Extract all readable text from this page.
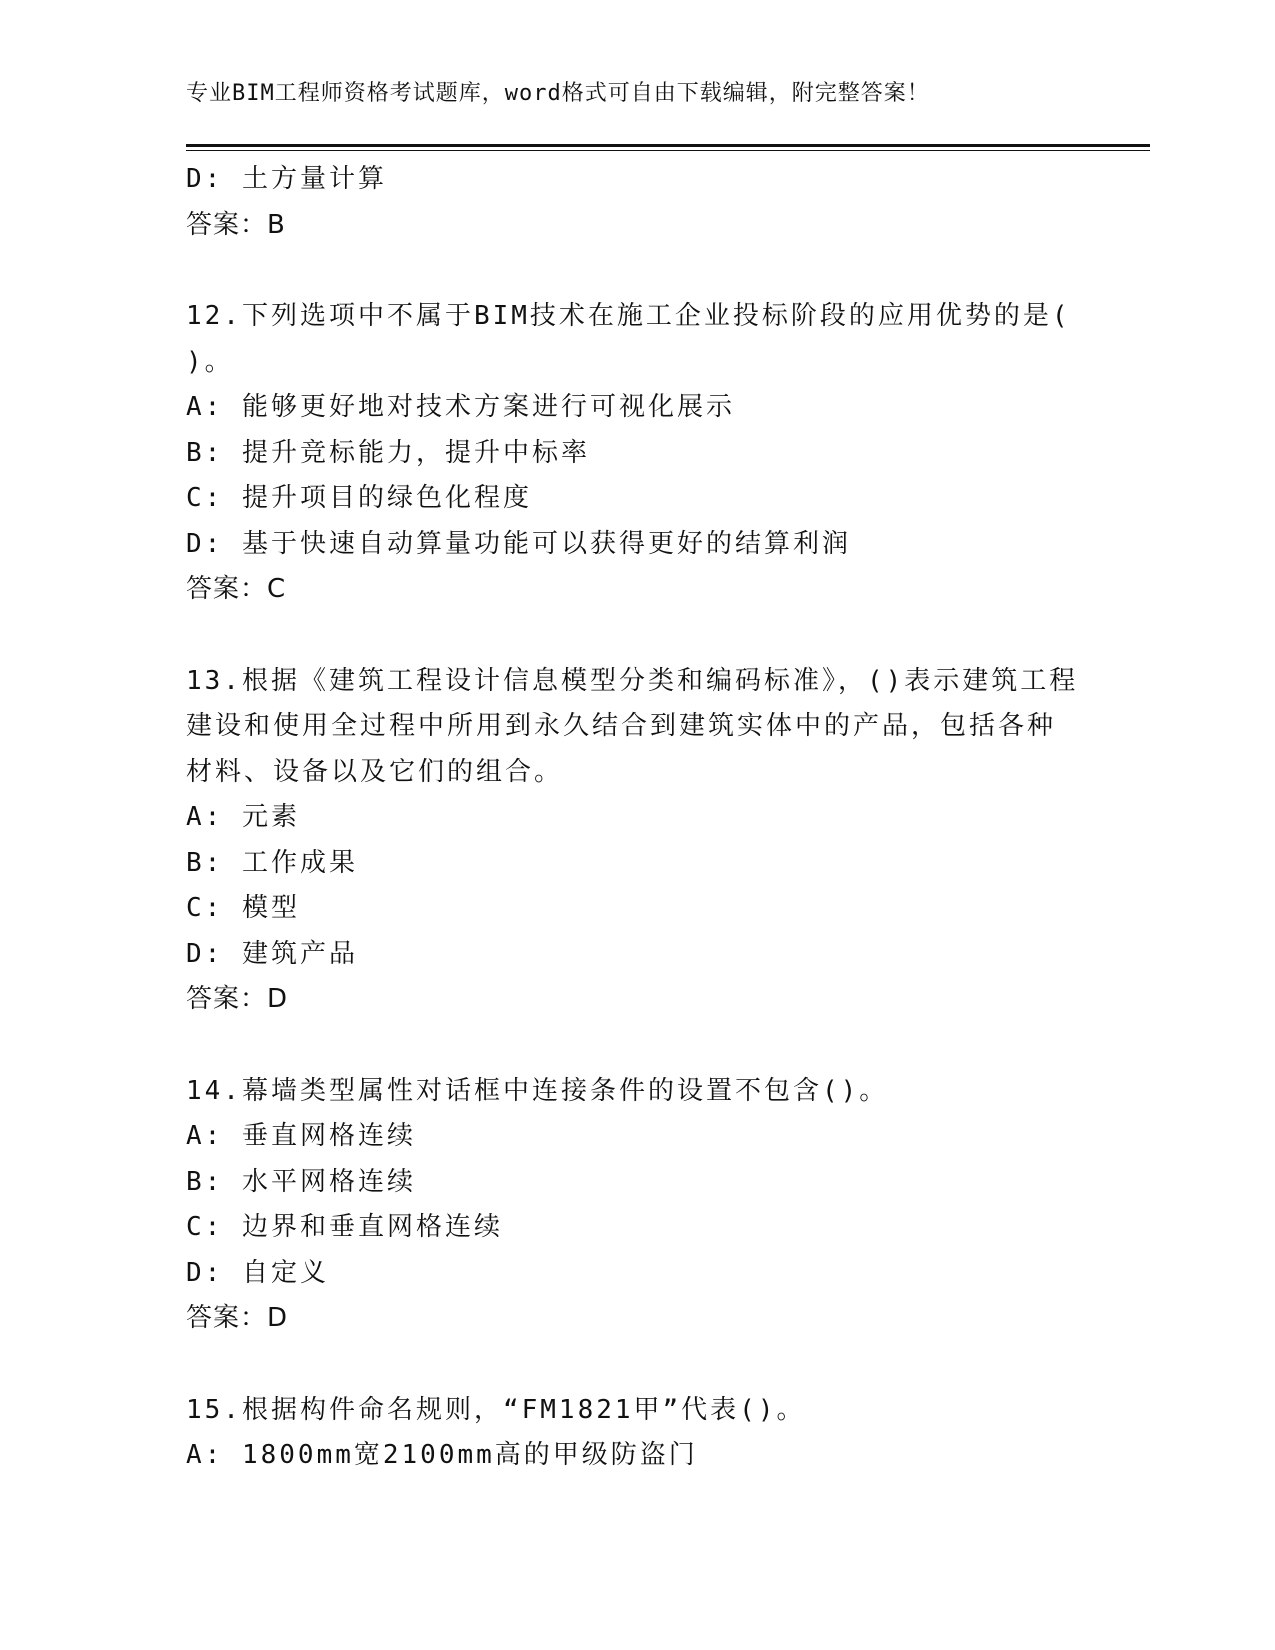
专业BIM工程师资格考试题库，word格式可自由下载编辑，附完整答案！

D: 土方量计算

答案：B

12.下列选项中不属于BIM技术在施工企业投标阶段的应用优势的是(

)。

A: 能够更好地对技术方案进行可视化展示

B: 提升竞标能力，提升中标率

C: 提升项目的绿色化程度

D: 基于快速自动算量功能可以获得更好的结算利润

答案：C

13.根据《建筑工程设计信息模型分类和编码标准》，()表示建筑工程

建设和使用全过程中所用到永久结合到建筑实体中的产品，包括各种

材料、设备以及它们的组合。

A: 元素

B: 工作成果

C: 模型

D: 建筑产品

答案：D

14.幕墙类型属性对话框中连接条件的设置不包含()。

A: 垂直网格连续

B: 水平网格连续

C: 边界和垂直网格连续

D: 自定义

答案：D

15.根据构件命名规则，“FM1821甲”代表()。

A: 1800mm宽2100mm高的甲级防盗门
